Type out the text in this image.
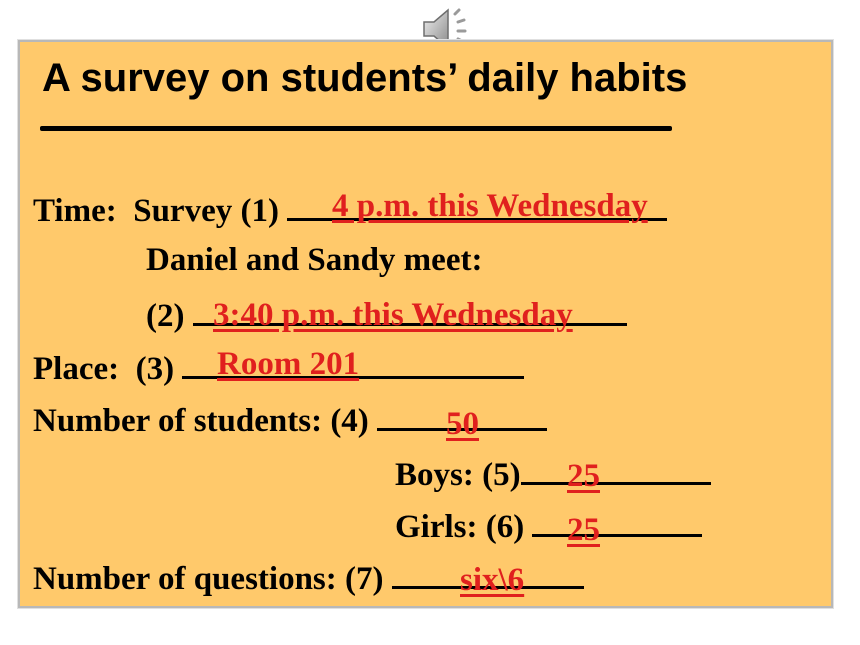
A survey on students’ daily habits
Time: Survey (1)	4 p.m. this Wednesday
Daniel and Sandy meet:
(2) 3:40 p.m. this Wednesday
Place: (3)	Room 201
Number of students: (4)	50
Boys: (5)	25
Girls: (6)	25
Number of questions: (7)	six\6
